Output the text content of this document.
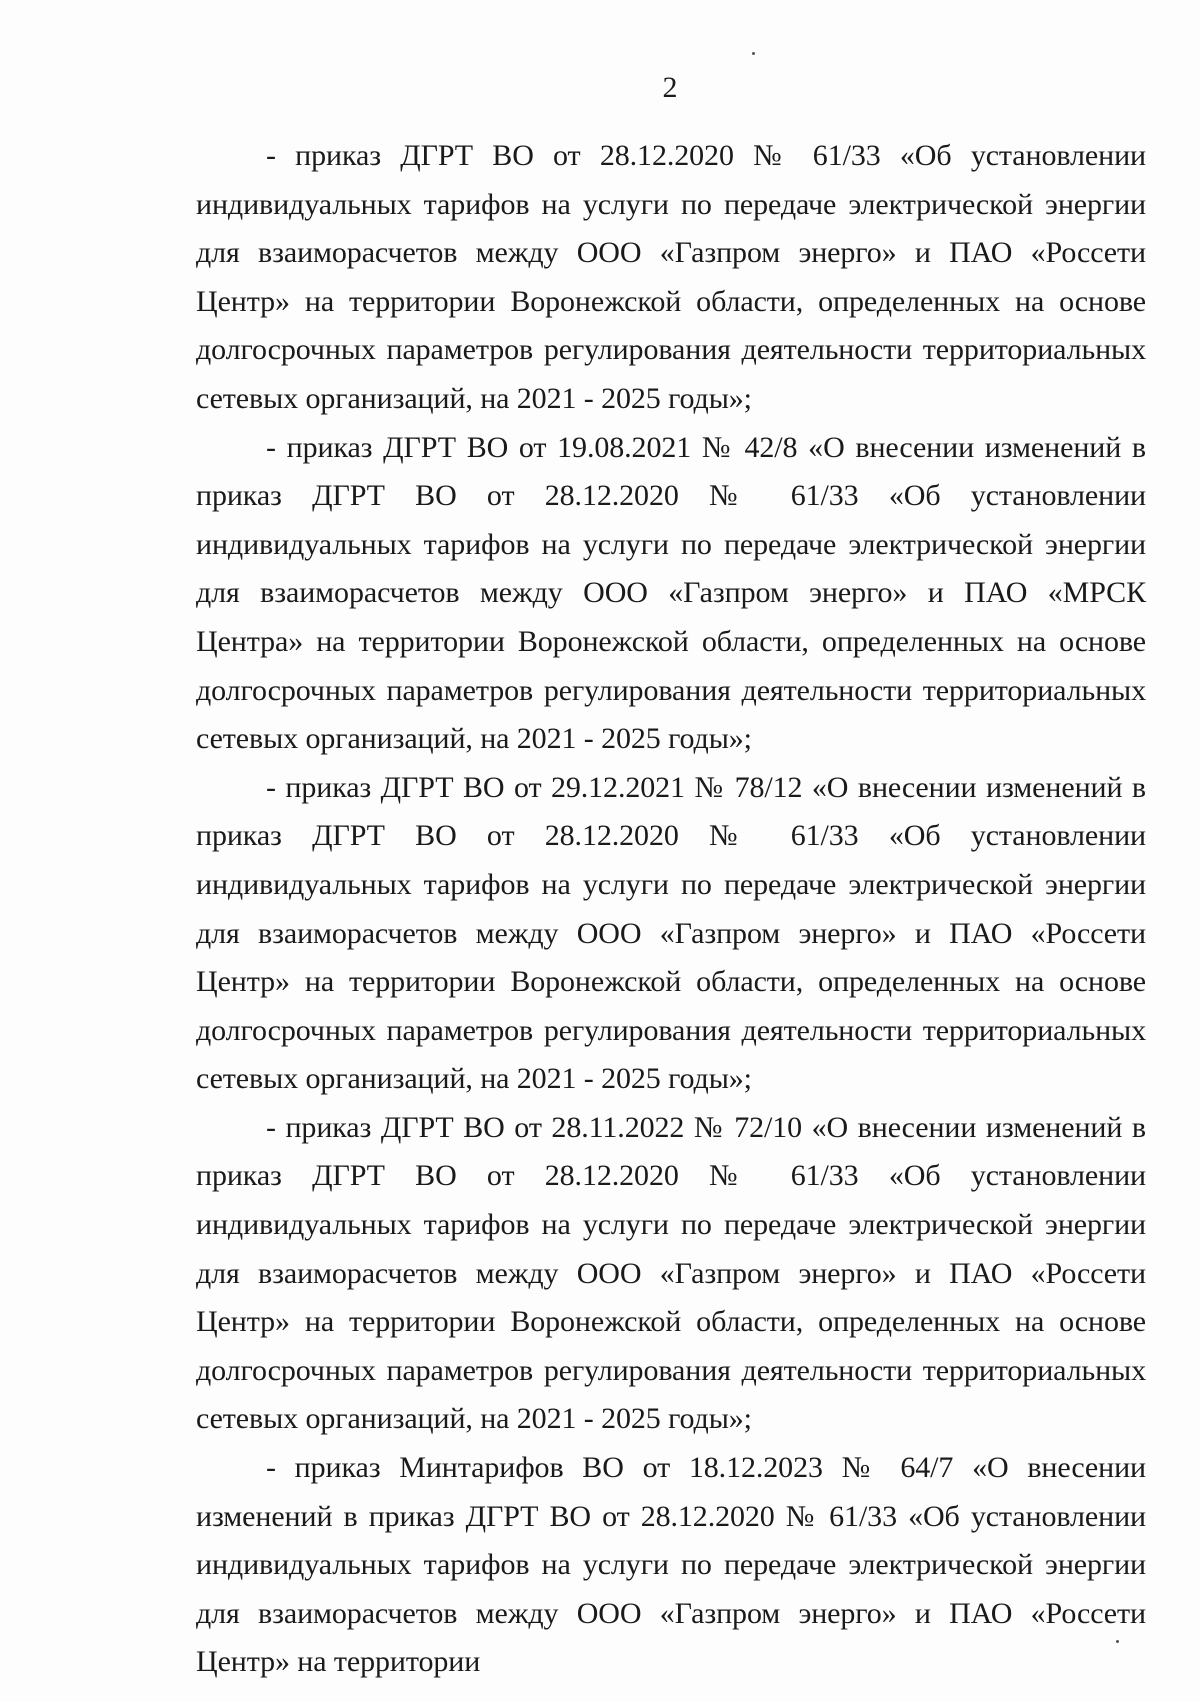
2

- приказ ДГРТ ВО от 28.12.2020 № 61/33 «Об установлении индивидуальных тарифов на услуги по передаче электрической энергии для взаиморасчетов между ООО «Газпром энерго» и ПАО «Россети Центр» на территории Воронежской области, определенных на основе долгосрочных параметров регулирования деятельности территориальных сетевых организаций, на 2021 - 2025 годы»;

- приказ ДГРТ ВО от 19.08.2021 № 42/8 «О внесении изменений в приказ ДГРТ ВО от 28.12.2020 № 61/33 «Об установлении индивидуальных тарифов на услуги по передаче электрической энергии для взаиморасчетов между ООО «Газпром энерго» и ПАО «МРСК Центра» на территории Воронежской области, определенных на основе долгосрочных параметров регулирования деятельности территориальных сетевых организаций, на 2021 - 2025 годы»;

- приказ ДГРТ ВО от 29.12.2021 № 78/12 «О внесении изменений в приказ ДГРТ ВО от 28.12.2020 № 61/33 «Об установлении индивидуальных тарифов на услуги по передаче электрической энергии для взаиморасчетов между ООО «Газпром энерго» и ПАО «Россети Центр» на территории Воронежской области, определенных на основе долгосрочных параметров регулирования деятельности территориальных сетевых организаций, на 2021 - 2025 годы»;

- приказ ДГРТ ВО от 28.11.2022 № 72/10 «О внесении изменений в приказ ДГРТ ВО от 28.12.2020 № 61/33 «Об установлении индивидуальных тарифов на услуги по передаче электрической энергии для взаиморасчетов между ООО «Газпром энерго» и ПАО «Россети Центр» на территории Воронежской области, определенных на основе долгосрочных параметров регулирования деятельности территориальных сетевых организаций, на 2021 - 2025 годы»;

- приказ Минтарифов ВО от 18.12.2023 № 64/7 «О внесении изменений в приказ ДГРТ ВО от 28.12.2020 № 61/33 «Об установлении индивидуальных тарифов на услуги по передаче электрической энергии для взаиморасчетов между ООО «Газпром энерго» и ПАО «Россети Центр» на территории
